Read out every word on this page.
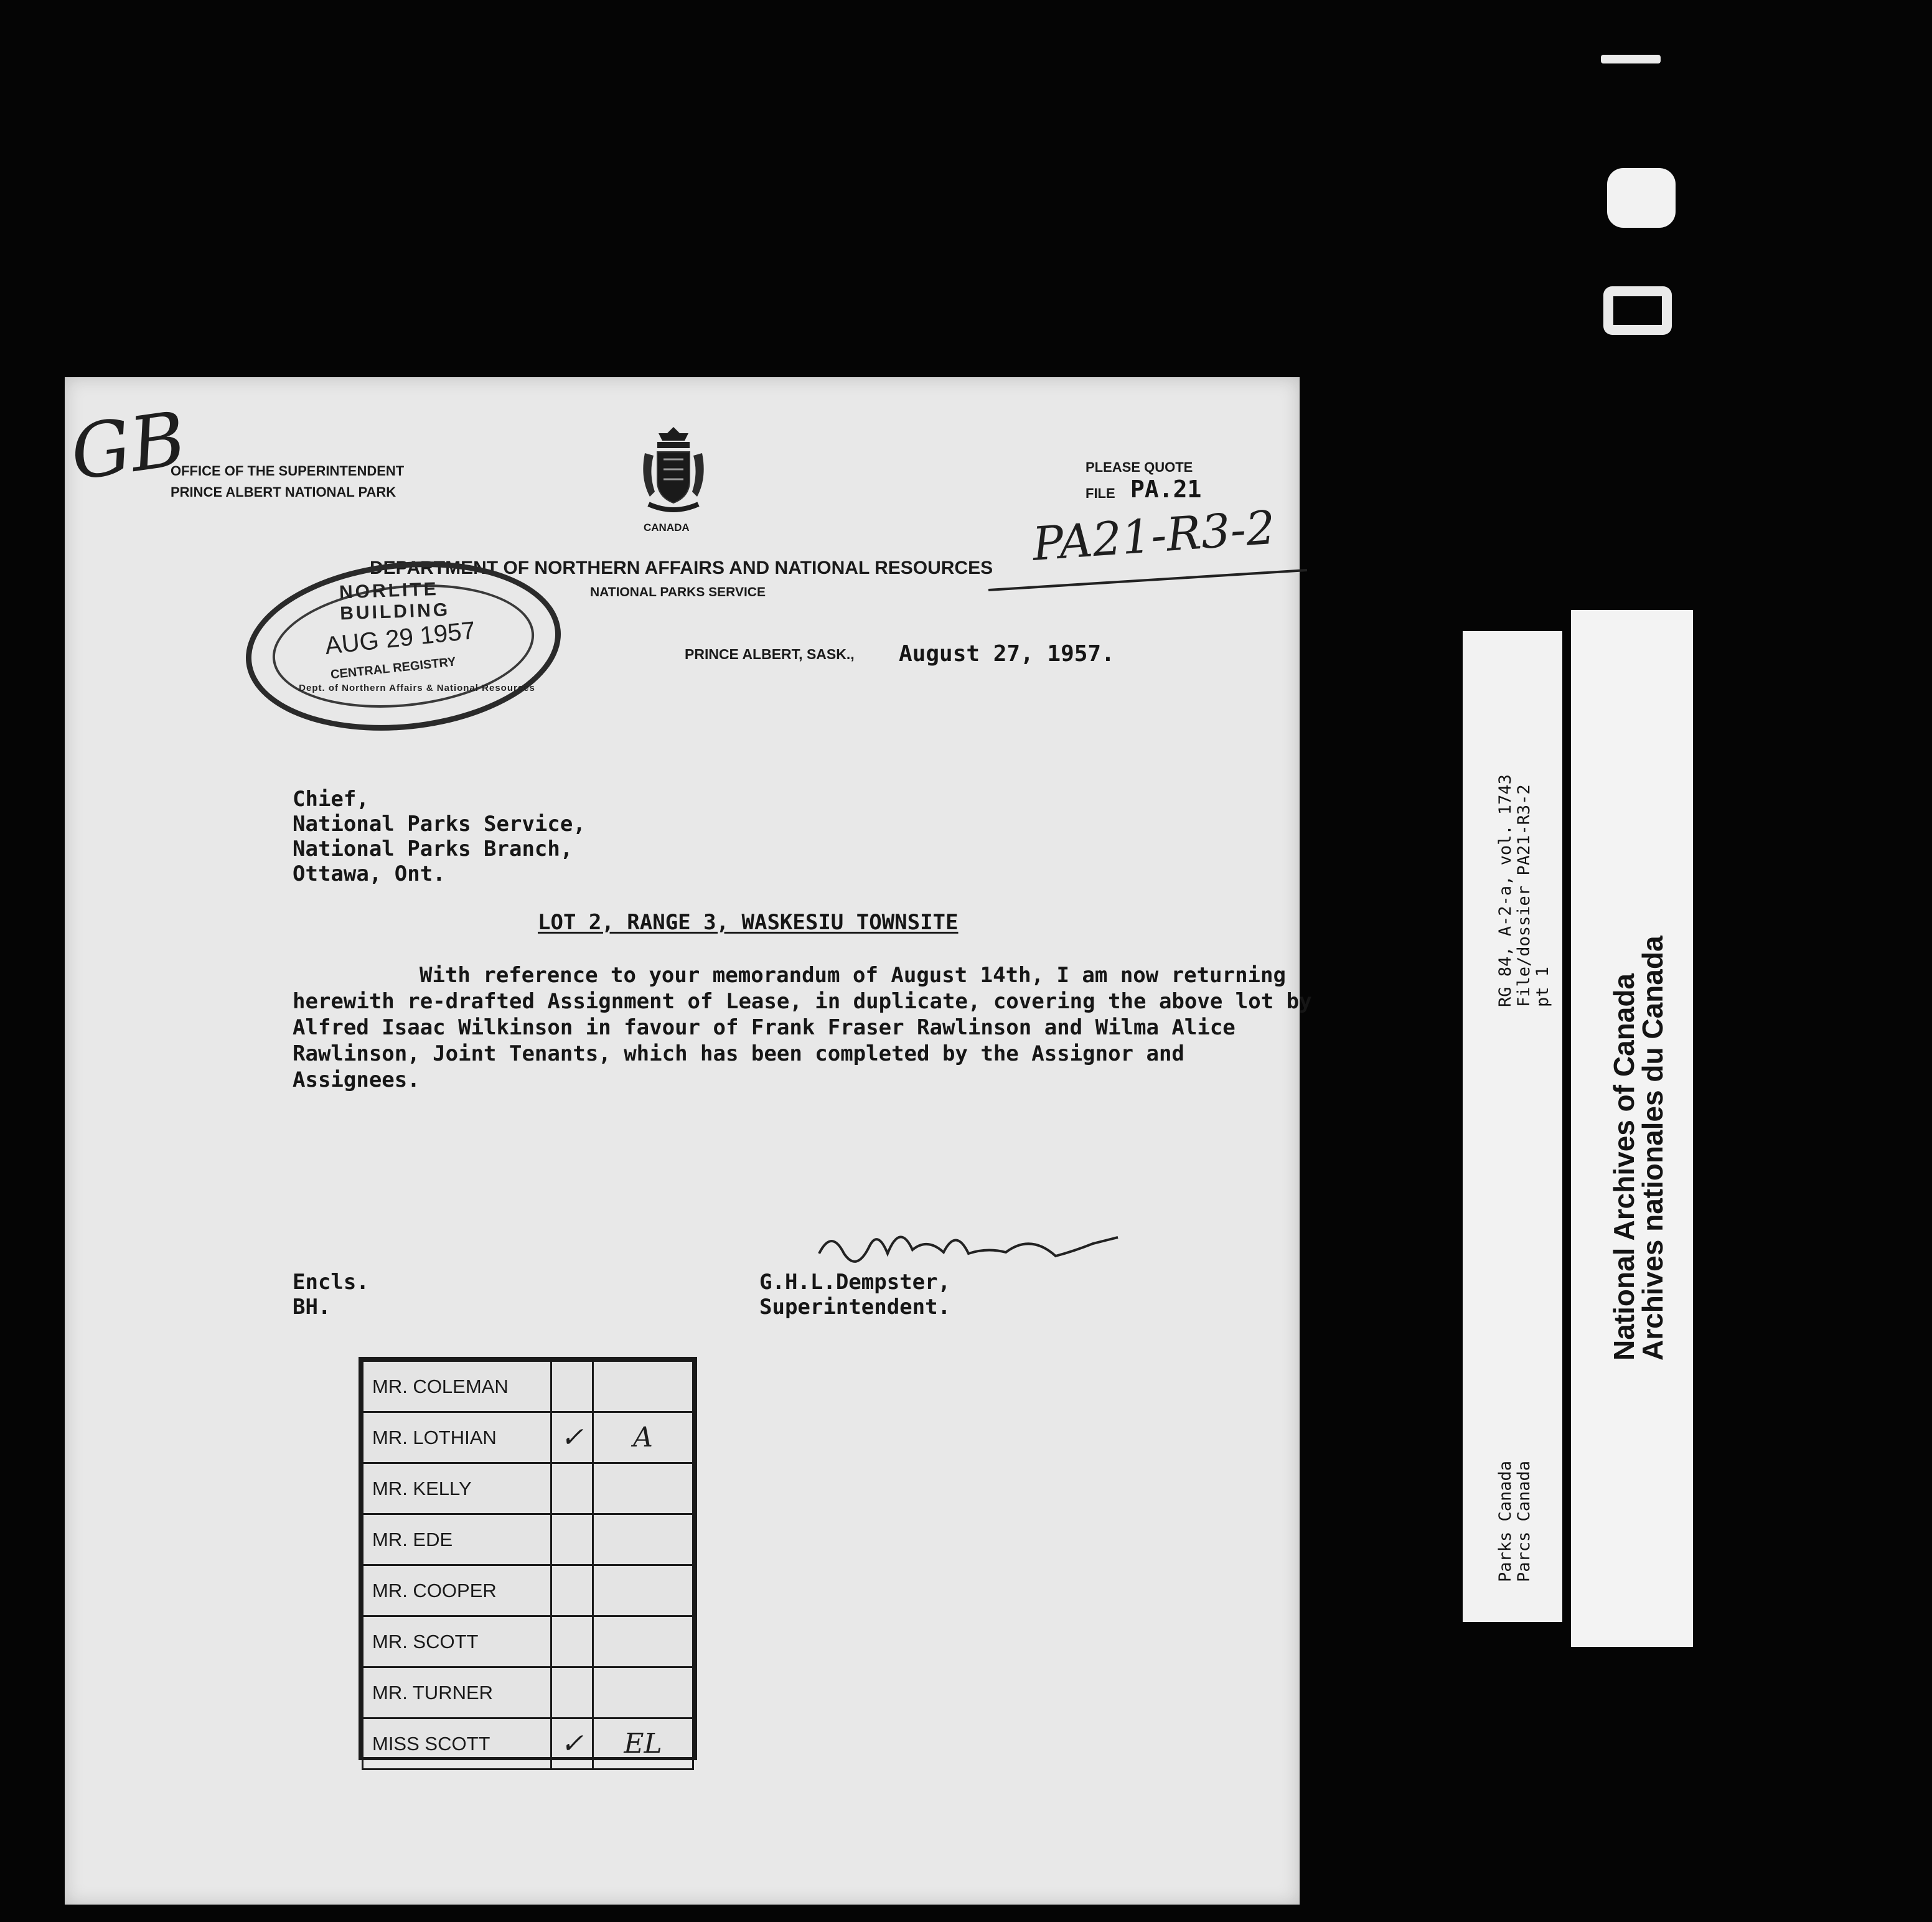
GB
OFFICE OF THE SUPERINTENDENT
PRINCE ALBERT NATIONAL PARK
CANADA
PLEASE QUOTE
FILE PA.21
PA21-R3-2
DEPARTMENT OF NORTHERN AFFAIRS AND NATIONAL RESOURCES
NATIONAL PARKS SERVICE
NORLITE BUILDING
AUG 29 1957
CENTRAL REGISTRY
Dept. of Northern Affairs & National Resources
PRINCE ALBERT, SASK., August 27, 1957.
Chief,
National Parks Service,
National Parks Branch,
Ottawa, Ont.
LOT 2, RANGE 3, WASKESIU TOWNSITE
With reference to your memorandum of August 14th, I am now returning herewith re-drafted Assignment of Lease, in duplicate, covering the above lot by Alfred Isaac Wilkinson in favour of Frank Fraser Rawlinson and Wilma Alice Rawlinson, Joint Tenants, which has been completed by the Assignor and Assignees.
Encls.
BH.
G.H.L.Dempster,
Superintendent.
MR. COLEMAN		
MR. LOTHIAN	✓	A
MR. KELLY		
MR. EDE		
MR. COOPER		
MR. SCOTT		
MR. TURNER		
MISS SCOTT	✓	EL
RG 84, A-2-a, vol. 1743
File/dossier PA21-R3-2
pt 1
Parks Canada
Parcs Canada
National Archives of Canada
Archives nationales du Canada
